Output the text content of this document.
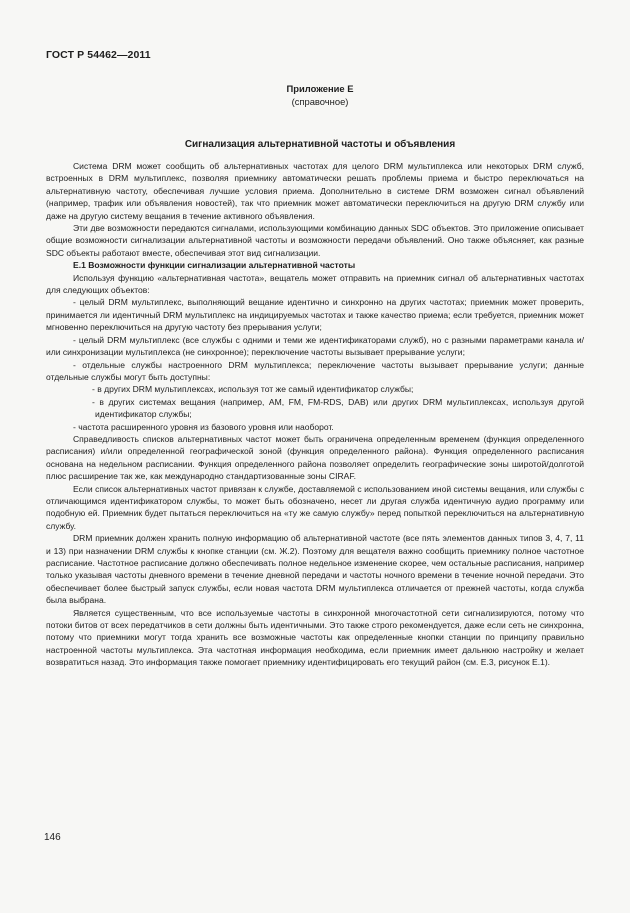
ГОСТ Р 54462—2011
Приложение Е
(справочное)
Сигнализация альтернативной частоты и объявления

Система DRM может сообщить об альтернативных частотах для целого DRM мультиплекса или некоторых DRM служб, встроенных в DRM мультиплекс, позволяя приемнику автоматически решать проблемы приема и быстро переключаться на альтернативную частоту, обеспечивая лучшие условия приема. Дополнительно в системе DRM возможен сигнал объявлений (например, трафик или объявления новостей), так что приемник может автоматически переключиться на другую DRM службу или даже на другую систему вещания в течение активного объявления.

Эти две возможности передаются сигналами, использующими комбинацию данных SDC объектов. Это приложение описывает общие возможности сигнализации альтернативной частоты и возможности передачи объявлений. Оно также объясняет, как разные SDC объекты работают вместе, обеспечивая этот вид сигнализации.

Е.1 Возможности функции сигнализации альтернативной частоты

Используя функцию «альтернативная частота», вещатель может отправить на приемник сигнал об альтернативных частотах для следующих объектов:

- целый DRM мультиплекс, выполняющий вещание идентично и синхронно на других частотах; приемник может проверить, принимается ли идентичный DRM мультиплекс на индицируемых частотах и также качество приема; если требуется, приемник может мгновенно переключиться на другую частоту без прерывания услуги;

- целый DRM мультиплекс (все службы с одними и теми же идентификаторами служб), но с разными параметрами канала и/или синхронизации мультиплекса (не синхронное); переключение частоты вызывает прерывание услуги;

- отдельные службы настроенного DRM мультиплекса; переключение частоты вызывает прерывание услуги; данные отдельные службы могут быть доступны:

- в других DRM мультиплексах, используя тот же самый идентификатор службы;

- в других системах вещания (например, AM, FM, FM-RDS, DAB) или других DRM мультиплексах, используя другой идентификатор службы;

- частота расширенного уровня из базового уровня или наоборот.

Справедливость списков альтернативных частот может быть ограничена определенным временем (функция определенного расписания) и/или определенной географической зоной (функция определенного района). Функция определенного расписания основана на недельном расписании. Функция определенного района позволяет определить географические зоны широтой/долготой плюс расширение так же, как международно стандартизованные зоны CIRAF.

Если список альтернативных частот привязан к службе, доставляемой с использованием иной системы вещания, или службы с отличающимся идентификатором службы, то может быть обозначено, несет ли другая служба идентичную аудио программу или подобную ей. Приемник будет пытаться переключиться на «ту же самую службу» перед попыткой переключиться на альтернативную службу.

DRM приемник должен хранить полную информацию об альтернативной частоте (все пять элементов данных типов 3, 4, 7, 11 и 13) при назначении DRM службы к кнопке станции (см. Ж.2). Поэтому для вещателя важно сообщить приемнику полное частотное расписание. Частотное расписание должно обеспечивать полное недельное изменение скорее, чем остальные расписания, например только указывая частоты дневного времени в течение дневной передачи и частоты ночного времени в течение ночной передачи. Это обеспечивает более быстрый запуск службы, если новая частота DRM мультиплекса отличается от прежней частоты, когда служба была выбрана.

Является существенным, что все используемые частоты в синхронной многочастотной сети сигнализируются, потому что потоки битов от всех передатчиков в сети должны быть идентичными. Это также строго рекомендуется, даже если сеть не синхронна, потому что приемники могут тогда хранить все возможные частоты как определенные кнопки станции по принципу правильно настроенной частоты мультиплекса. Эта частотная информация необходима, если приемник имеет дальнюю настройку и желает возвратиться назад. Это информация также помогает приемнику идентифицировать его текущий район (см. Е.3, рисунок Е.1).

146
